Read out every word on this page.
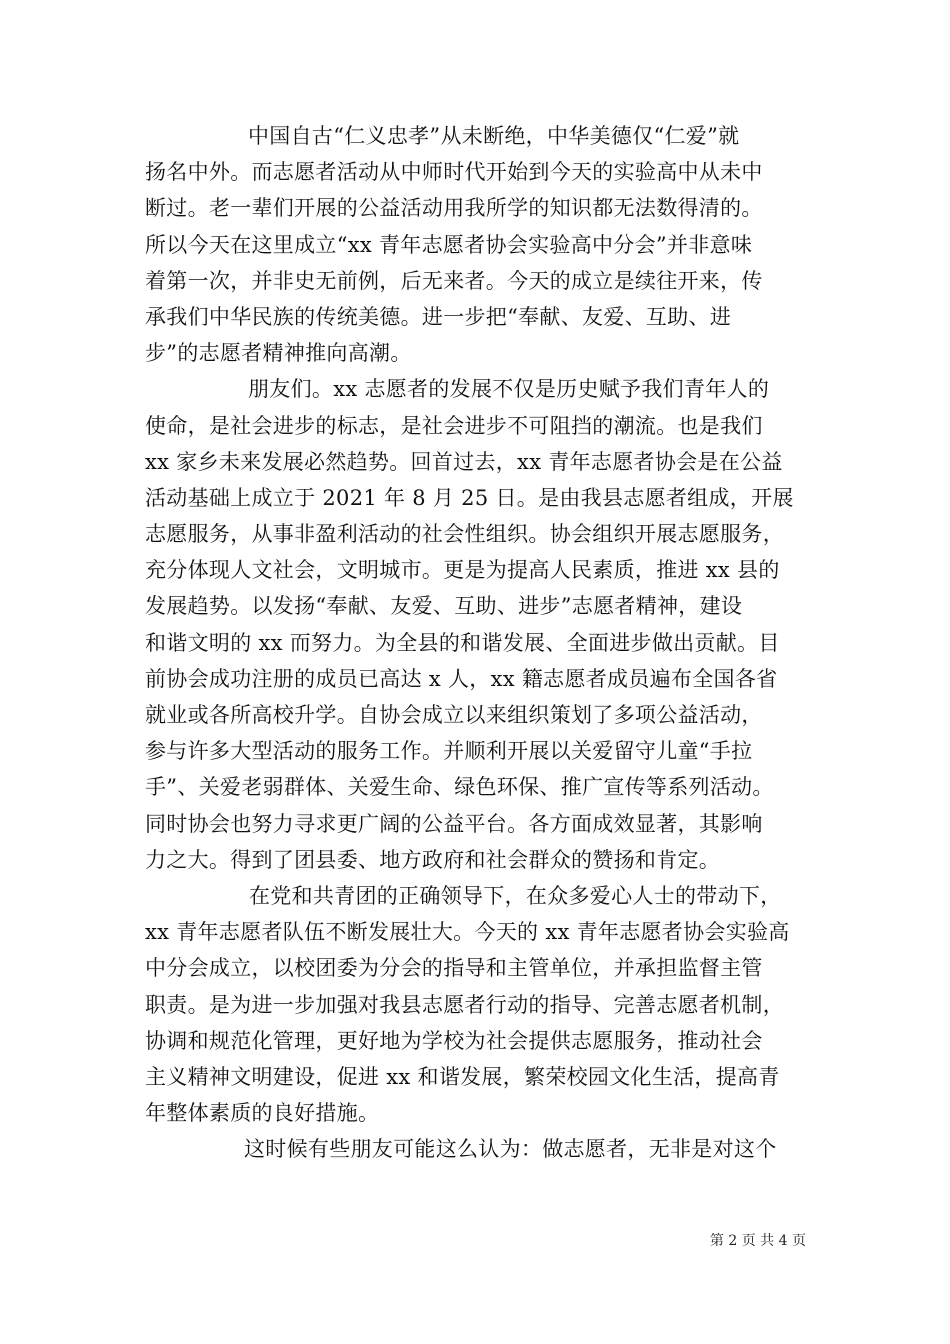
中国自古“仁义忠孝”从未断绝，中华美德仅“仁爱”就
扬名中外。而志愿者活动从中师时代开始到今天的实验高中从未中
断过。老一辈们开展的公益活动用我所学的知识都无法数得清的。
所以今天在这里成立“xx 青年志愿者协会实验高中分会”并非意味
着第一次，并非史无前例，后无来者。今天的成立是续往开来，传
承我们中华民族的传统美德。进一步把“奉献、友爱、互助、进
步”的志愿者精神推向高潮。
朋友们。xx 志愿者的发展不仅是历史赋予我们青年人的
使命，是社会进步的标志，是社会进步不可阻挡的潮流。也是我们
xx 家乡未来发展必然趋势。回首过去，xx 青年志愿者协会是在公益
活动基础上成立于 2021 年 8 月 25 日。是由我县志愿者组成，开展
志愿服务，从事非盈利活动的社会性组织。协会组织开展志愿服务，
充分体现人文社会，文明城市。更是为提高人民素质，推进 xx 县的
发展趋势。以发扬“奉献、友爱、互助、进步”志愿者精神，建设
和谐文明的 xx 而努力。为全县的和谐发展、全面进步做出贡献。目
前协会成功注册的成员已高达 x 人，xx 籍志愿者成员遍布全国各省
就业或各所高校升学。自协会成立以来组织策划了多项公益活动，
参与许多大型活动的服务工作。并顺利开展以关爱留守儿童“手拉
手”、关爱老弱群体、关爱生命、绿色环保、推广宣传等系列活动。
同时协会也努力寻求更广阔的公益平台。各方面成效显著，其影响
力之大。得到了团县委、地方政府和社会群众的赞扬和肯定。
在党和共青团的正确领导下，在众多爱心人士的带动下，
xx 青年志愿者队伍不断发展壮大。今天的 xx 青年志愿者协会实验高
中分会成立，以校团委为分会的指导和主管单位，并承担监督主管
职责。是为进一步加强对我县志愿者行动的指导、完善志愿者机制，
协调和规范化管理，更好地为学校为社会提供志愿服务，推动社会
主义精神文明建设，促进 xx 和谐发展，繁荣校园文化生活，提高青
年整体素质的良好措施。
这时候有些朋友可能这么认为：做志愿者，无非是对这个
第 2 页 共 4 页
